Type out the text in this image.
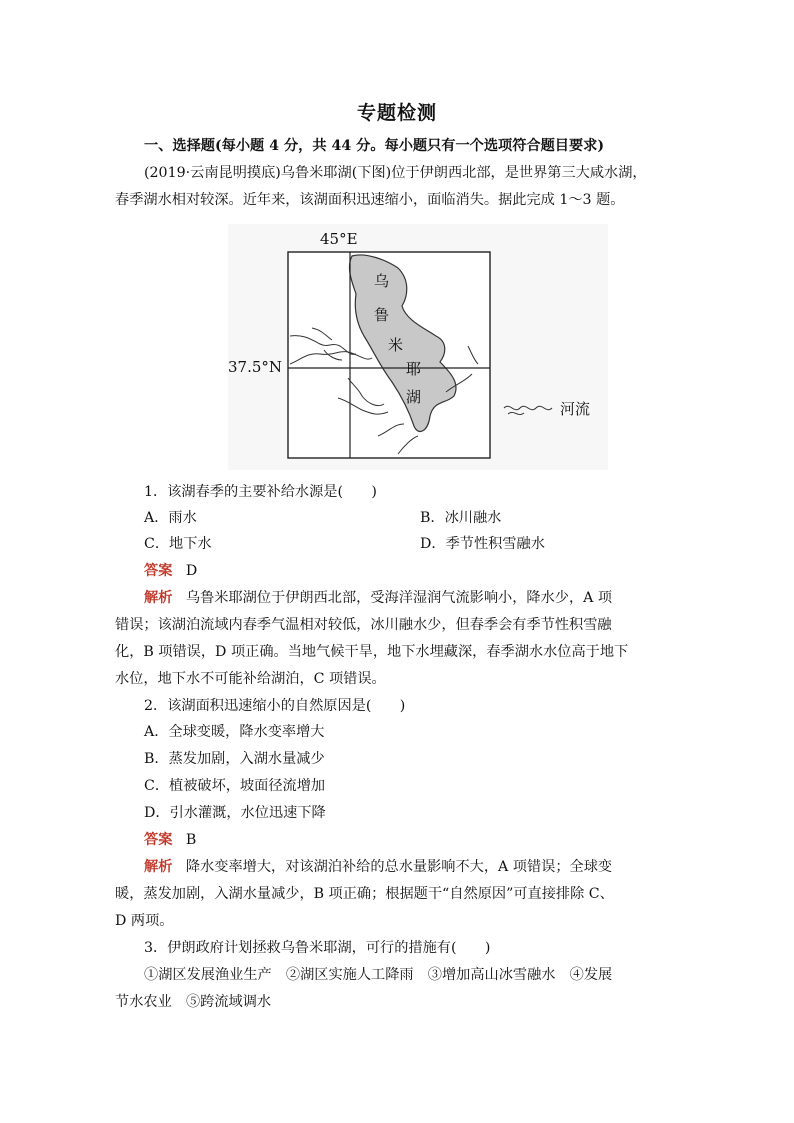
专题检测
一、选择题(每小题 4 分，共 44 分。每小题只有一个选项符合题目要求)
(2019·云南昆明摸底)乌鲁米耶湖(下图)位于伊朗西北部，是世界第三大咸水湖，
春季湖水相对较深。近年来，该湖面积迅速缩小，面临消失。据此完成 1～3 题。
45°E
37.5°N
乌
鲁
米
耶
湖
河流
1．该湖春季的主要补给水源是(　　)
A．雨水	B．冰川融水
C．地下水	D．季节性积雪融水
答案 D
解析 乌鲁米耶湖位于伊朗西北部，受海洋湿润气流影响小，降水少，A 项
错误；该湖泊流域内春季气温相对较低，冰川融水少，但春季会有季节性积雪融
化，B 项错误，D 项正确。当地气候干旱，地下水埋藏深，春季湖水水位高于地下
水位，地下水不可能补给湖泊，C 项错误。
2．该湖面积迅速缩小的自然原因是(　　)
A．全球变暖，降水变率增大
B．蒸发加剧，入湖水量减少
C．植被破坏，坡面径流增加
D．引水灌溉，水位迅速下降
答案 B
解析 降水变率增大，对该湖泊补给的总水量影响不大，A 项错误；全球变
暖，蒸发加剧，入湖水量减少，B 项正确；根据题干“自然原因”可直接排除 C、
D 两项。
3．伊朗政府计划拯救乌鲁米耶湖，可行的措施有(　　)
①湖区发展渔业生产　②湖区实施人工降雨　③增加高山冰雪融水　④发展
节水农业　⑤跨流域调水
